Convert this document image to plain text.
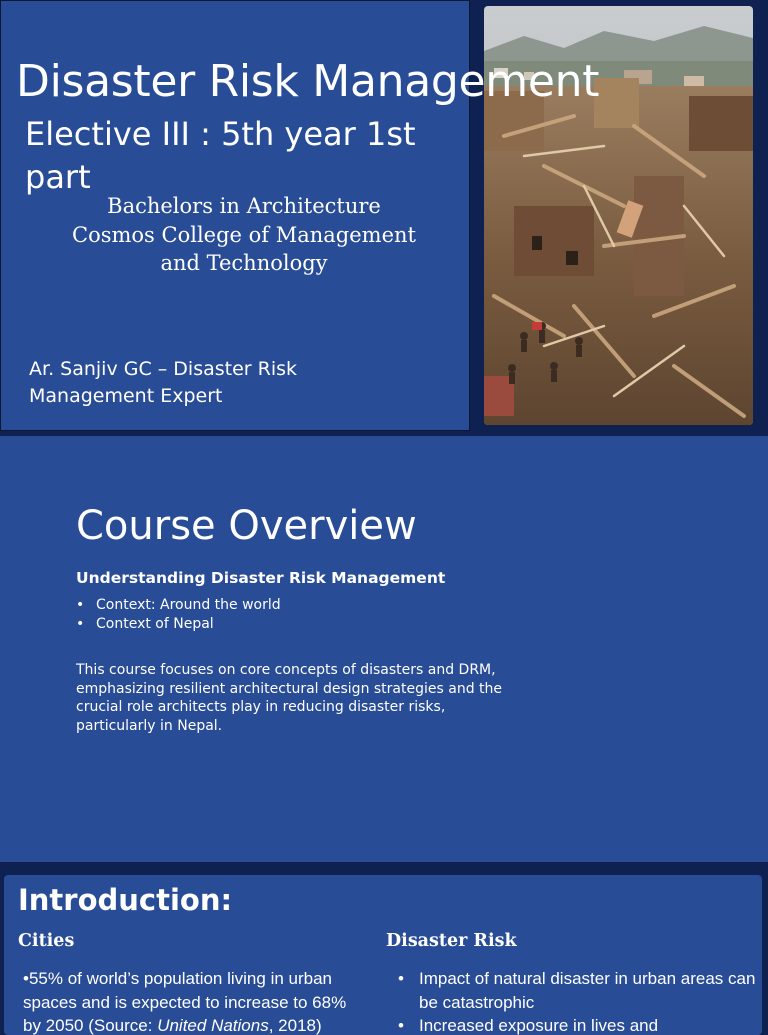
Elective III : 5th year 1st part
Bachelors in Architecture
Cosmos College of Management
and Technology
Ar. Sanjiv GC – Disaster Risk Management Expert
Disaster Risk Management
Course Overview
Understanding Disaster Risk Management
• Context: Around the world
• Context of Nepal
This course focuses on core concepts of disasters and DRM, emphasizing resilient architectural design strategies and the crucial role architects play in reducing disaster risks, particularly in Nepal.
Introduction:
Cities	Disaster Risk
•55% of world’s population living in urban spaces and is expected to increase to 68% by 2050 (Source: United Nations, 2018)
• Impact of natural disaster in urban areas can be catastrophic
• Increased exposure in lives and
